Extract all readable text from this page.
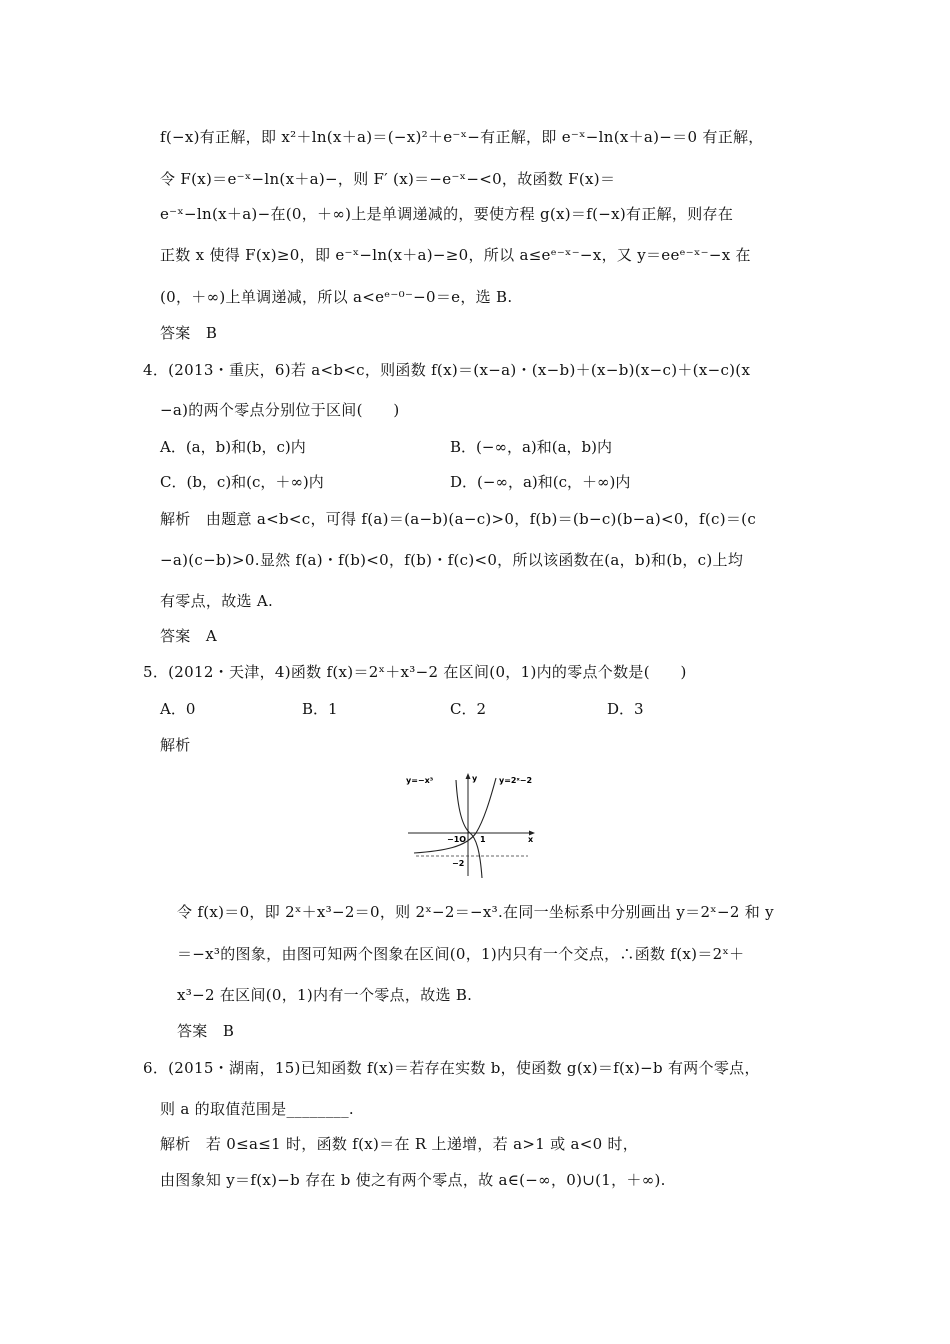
f(−x)有正解，即 x²＋ln(x＋a)＝(−x)²＋e⁻ˣ−有正解，即 e⁻ˣ−ln(x＋a)−＝0 有正解，
令 F(x)＝e⁻ˣ−ln(x＋a)−，则 F′ (x)＝−e⁻ˣ−<0，故函数 F(x)＝
e⁻ˣ−ln(x＋a)−在(0，＋∞)上是单调递减的，要使方程 g(x)＝f(−x)有正解，则存在
正数 x 使得 F(x)≥0，即 e⁻ˣ−ln(x＋a)−≥0，所以 a≤eᵉ⁻ˣ⁻−x，又 y＝eeᵉ⁻ˣ⁻−x 在
(0，＋∞)上单调递减，所以 a<eᵉ⁻⁰⁻−0＝e，选 B.
答案　B
4．(2013・重庆，6)若 a<b<c，则函数 f(x)＝(x−a)・(x−b)＋(x−b)(x−c)＋(x−c)(x
−a)的两个零点分别位于区间(　　)
A．(a，b)和(b，c)内	B．(−∞，a)和(a，b)内
C．(b，c)和(c，＋∞)内	D．(−∞，a)和(c，＋∞)内
解析　由题意 a<b<c，可得 f(a)＝(a−b)(a−c)>0，f(b)＝(b−c)(b−a)<0，f(c)＝(c
−a)(c−b)>0.显然 f(a)・f(b)<0，f(b)・f(c)<0，所以该函数在(a，b)和(b，c)上均
有零点，故选 A.
答案　A
5．(2012・天津，4)函数 f(x)＝2ˣ＋x³−2 在区间(0，1)内的零点个数是(　　)
A．0	B．1	C．2	D．3
解析
y=−x³	y	y=2ˣ−2
−1O 1	x
−2
令 f(x)＝0，即 2ˣ＋x³−2＝0，则 2ˣ−2＝−x³.在同一坐标系中分别画出 y＝2ˣ−2 和 y
＝−x³的图象，由图可知两个图象在区间(0，1)内只有一个交点，∴函数 f(x)＝2ˣ＋
x³−2 在区间(0，1)内有一个零点，故选 B.
答案　B
6．(2015・湖南，15)已知函数 f(x)＝若存在实数 b，使函数 g(x)＝f(x)−b 有两个零点，
则 a 的取值范围是________.
解析　若 0≤a≤1 时，函数 f(x)＝在 R 上递增，若 a>1 或 a<0 时，
由图象知 y＝f(x)−b 存在 b 使之有两个零点，故 a∈(−∞，0)∪(1，＋∞).
